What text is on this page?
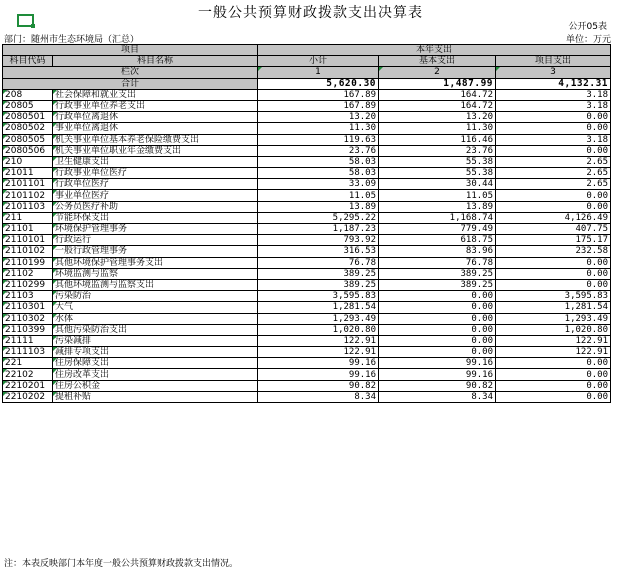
一般公共预算财政拨款支出决算表
公开05表
部门：随州市生态环境局（汇总）	单位：万元
项目		本年支出		
科目代码	科目名称	小计	基本支出	项目支出
栏次		1	2	3
合计		5,620.30	1,487.99	4,132.31
208	社会保障和就业支出	167.89	164.72	3.18
20805	行政事业单位养老支出	167.89	164.72	3.18
2080501	行政单位离退休	13.20	13.20	0.00
2080502	事业单位离退休	11.30	11.30	0.00
2080505	机关事业单位基本养老保险缴费支出	119.63	116.46	3.18
2080506	机关事业单位职业年金缴费支出	23.76	23.76	0.00
210	卫生健康支出	58.03	55.38	2.65
21011	行政事业单位医疗	58.03	55.38	2.65
2101101	行政单位医疗	33.09	30.44	2.65
2101102	事业单位医疗	11.05	11.05	0.00
2101103	公务员医疗补助	13.89	13.89	0.00
211	节能环保支出	5,295.22	1,168.74	4,126.49
21101	环境保护管理事务	1,187.23	779.49	407.75
2110101	行政运行	793.92	618.75	175.17
2110102	一般行政管理事务	316.53	83.96	232.58
2110199	其他环境保护管理事务支出	76.78	76.78	0.00
21102	环境监测与监察	389.25	389.25	0.00
2110299	其他环境监测与监察支出	389.25	389.25	0.00
21103	污染防治	3,595.83	0.00	3,595.83
2110301	大气	1,281.54	0.00	1,281.54
2110302	水体	1,293.49	0.00	1,293.49
2110399	其他污染防治支出	1,020.80	0.00	1,020.80
21111	污染减排	122.91	0.00	122.91
2111103	减排专项支出	122.91	0.00	122.91
221	住房保障支出	99.16	99.16	0.00
22102	住房改革支出	99.16	99.16	0.00
2210201	住房公积金	90.82	90.82	0.00
2210202	提租补贴	8.34	8.34	0.00
注：本表反映部门本年度一般公共预算财政拨款支出情况。
